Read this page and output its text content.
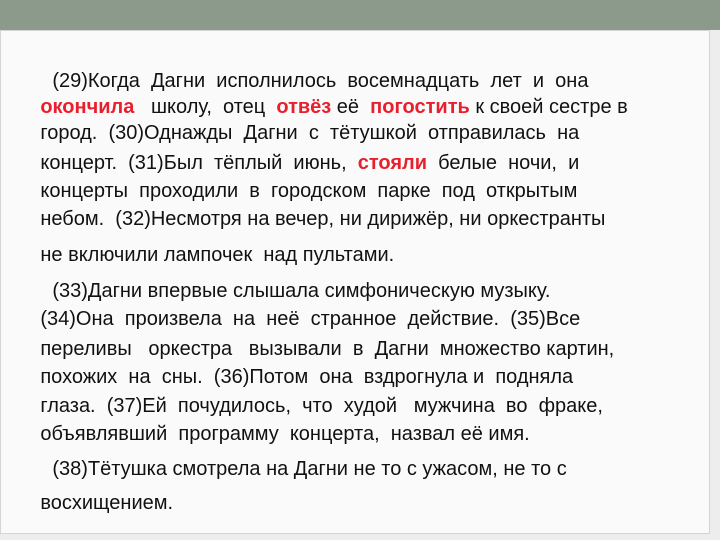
(29)Когда  Дагни  исполнилось  восемнадцать  лет  и  она

окончила   школу,  отец  отвёз её  погостить к своей сестре в

город.  (30)Однажды  Дагни  с  тётушкой  отправилась  на

концерт.  (31)Был  тёплый  июнь,  стояли  белые  ночи,  и

концерты  проходили  в  городском  парке  под  открытым

небом.  (32)Несмотря на вечер, ни дирижёр, ни оркестранты

не включили лампочек  над пультами.

(33)Дагни впервые слышала симфоническую музыку.

(34)Она  произвела  на  неё  странное  действие.  (35)Все

переливы   оркестра   вызывали  в  Дагни  множество картин,

похожих  на  сны.  (36)Потом  она  вздрогнула и  подняла

глаза.  (37)Ей  почудилось,  что  худой   мужчина  во  фраке,

объявлявший  программу  концерта,  назвал её имя.

(38)Тётушка смотрела на Дагни не то с ужасом, не то с

восхищением.
